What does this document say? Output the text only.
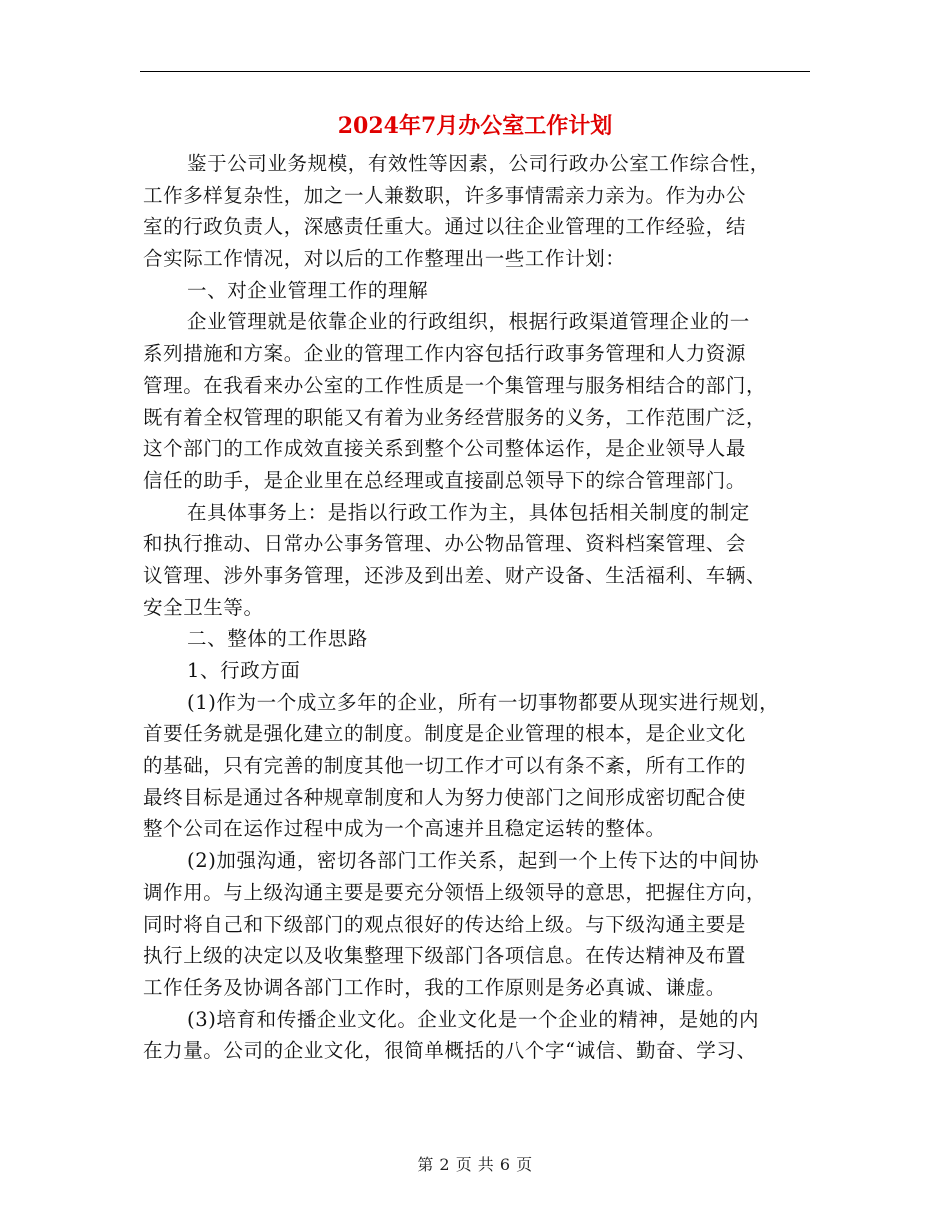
2024年7月办公室工作计划
鉴于公司业务规模，有效性等因素，公司行政办公室工作综合性，
工作多样复杂性，加之一人兼数职，许多事情需亲力亲为。作为办公
室的行政负责人，深感责任重大。通过以往企业管理的工作经验，结
合实际工作情况，对以后的工作整理出一些工作计划：
一、对企业管理工作的理解
企业管理就是依靠企业的行政组织，根据行政渠道管理企业的一
系列措施和方案。企业的管理工作内容包括行政事务管理和人力资源
管理。在我看来办公室的工作性质是一个集管理与服务相结合的部门，
既有着全权管理的职能又有着为业务经营服务的义务，工作范围广泛，
这个部门的工作成效直接关系到整个公司整体运作，是企业领导人最
信任的助手，是企业里在总经理或直接副总领导下的综合管理部门。
在具体事务上：是指以行政工作为主，具体包括相关制度的制定
和执行推动、日常办公事务管理、办公物品管理、资料档案管理、会
议管理、涉外事务管理，还涉及到出差、财产设备、生活福利、车辆、
安全卫生等。
二、整体的工作思路
1、行政方面
(1)作为一个成立多年的企业，所有一切事物都要从现实进行规划，
首要任务就是强化建立的制度。制度是企业管理的根本，是企业文化
的基础，只有完善的制度其他一切工作才可以有条不紊，所有工作的
最终目标是通过各种规章制度和人为努力使部门之间形成密切配合使
整个公司在运作过程中成为一个高速并且稳定运转的整体。
(2)加强沟通，密切各部门工作关系，起到一个上传下达的中间协
调作用。与上级沟通主要是要充分领悟上级领导的意思，把握住方向，
同时将自己和下级部门的观点很好的传达给上级。与下级沟通主要是
执行上级的决定以及收集整理下级部门各项信息。在传达精神及布置
工作任务及协调各部门工作时，我的工作原则是务必真诚、谦虚。
(3)培育和传播企业文化。企业文化是一个企业的精神，是她的内
在力量。公司的企业文化，很简单概括的八个字“诚信、勤奋、学习、
第 2 页 共 6 页
